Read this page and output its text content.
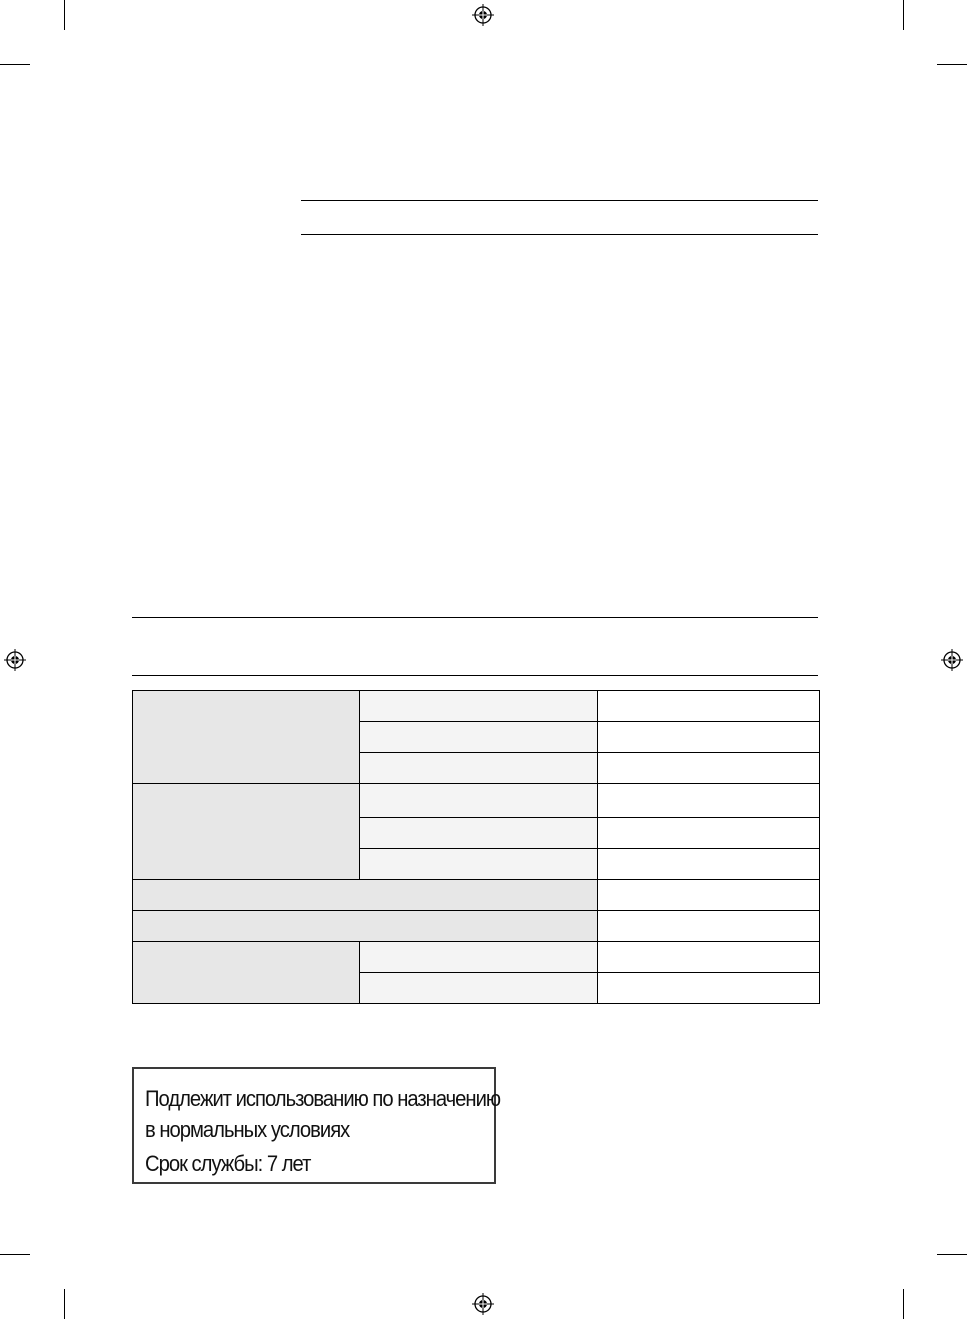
Подлежит использованию по назначению
в нормальных условиях
Срок службы: 7 лет
